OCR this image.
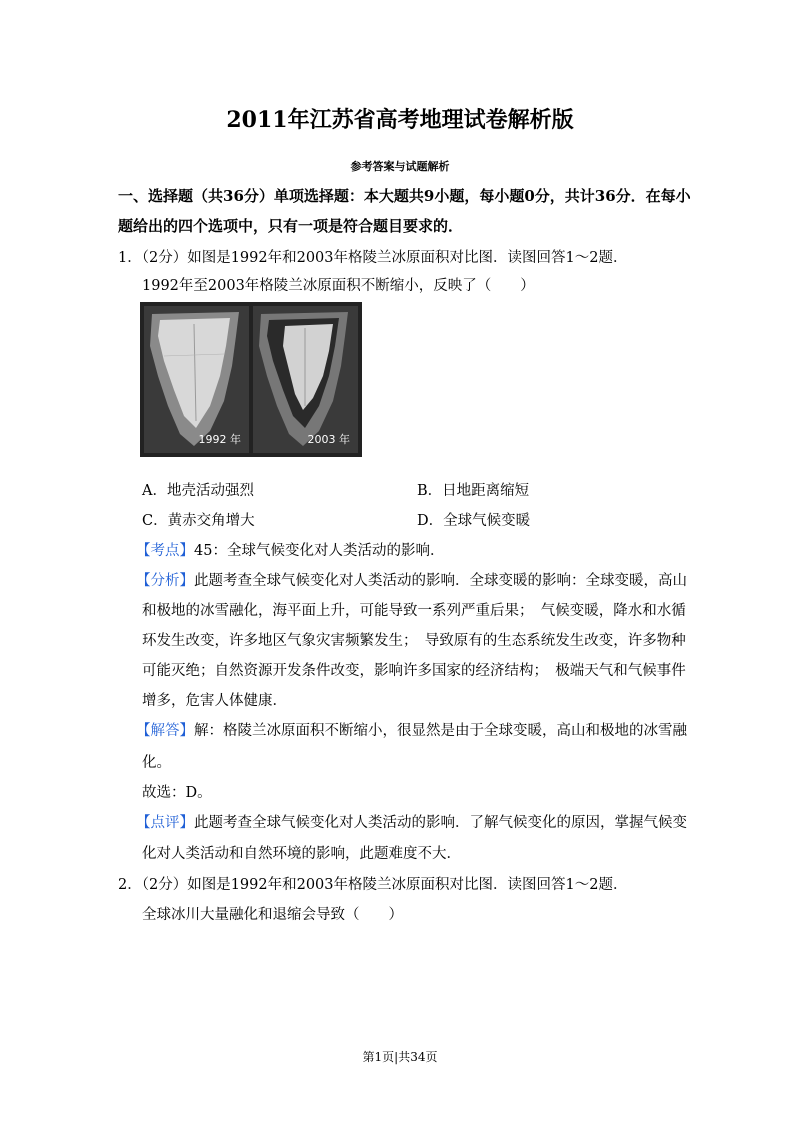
2011年江苏省高考地理试卷解析版
参考答案与试题解析
一、选择题（共36分）单项选择题：本大题共9小题，每小题0分，共计36分．在每小
题给出的四个选项中，只有一项是符合题目要求的．
1．（2分）如图是1992年和2003年格陵兰冰原面积对比图．读图回答1～2题．
1992年至2003年格陵兰冰原面积不断缩小，反映了（　　）
1992 年	2003 年
A．地壳活动强烈	B．日地距离缩短
C．黄赤交角增大	D．全球气候变暖
【考点】45：全球气候变化对人类活动的影响．
【分析】此题考查全球气候变化对人类活动的影响．全球变暖的影响：全球变暖，高山
和极地的冰雪融化，海平面上升，可能导致一系列严重后果；　气候变暖，降水和水循
环发生改变，许多地区气象灾害频繁发生；　导致原有的生态系统发生改变，许多物种
可能灭绝；自然资源开发条件改变，影响许多国家的经济结构；　极端天气和气候事件
增多，危害人体健康．
【解答】解：格陵兰冰原面积不断缩小，很显然是由于全球变暖，高山和极地的冰雪融
化。
故选：D。
【点评】此题考查全球气候变化对人类活动的影响．了解气候变化的原因，掌握气候变
化对人类活动和自然环境的影响，此题难度不大．
2．（2分）如图是1992年和2003年格陵兰冰原面积对比图．读图回答1～2题．
全球冰川大量融化和退缩会导致（　　）
第1页|共34页
